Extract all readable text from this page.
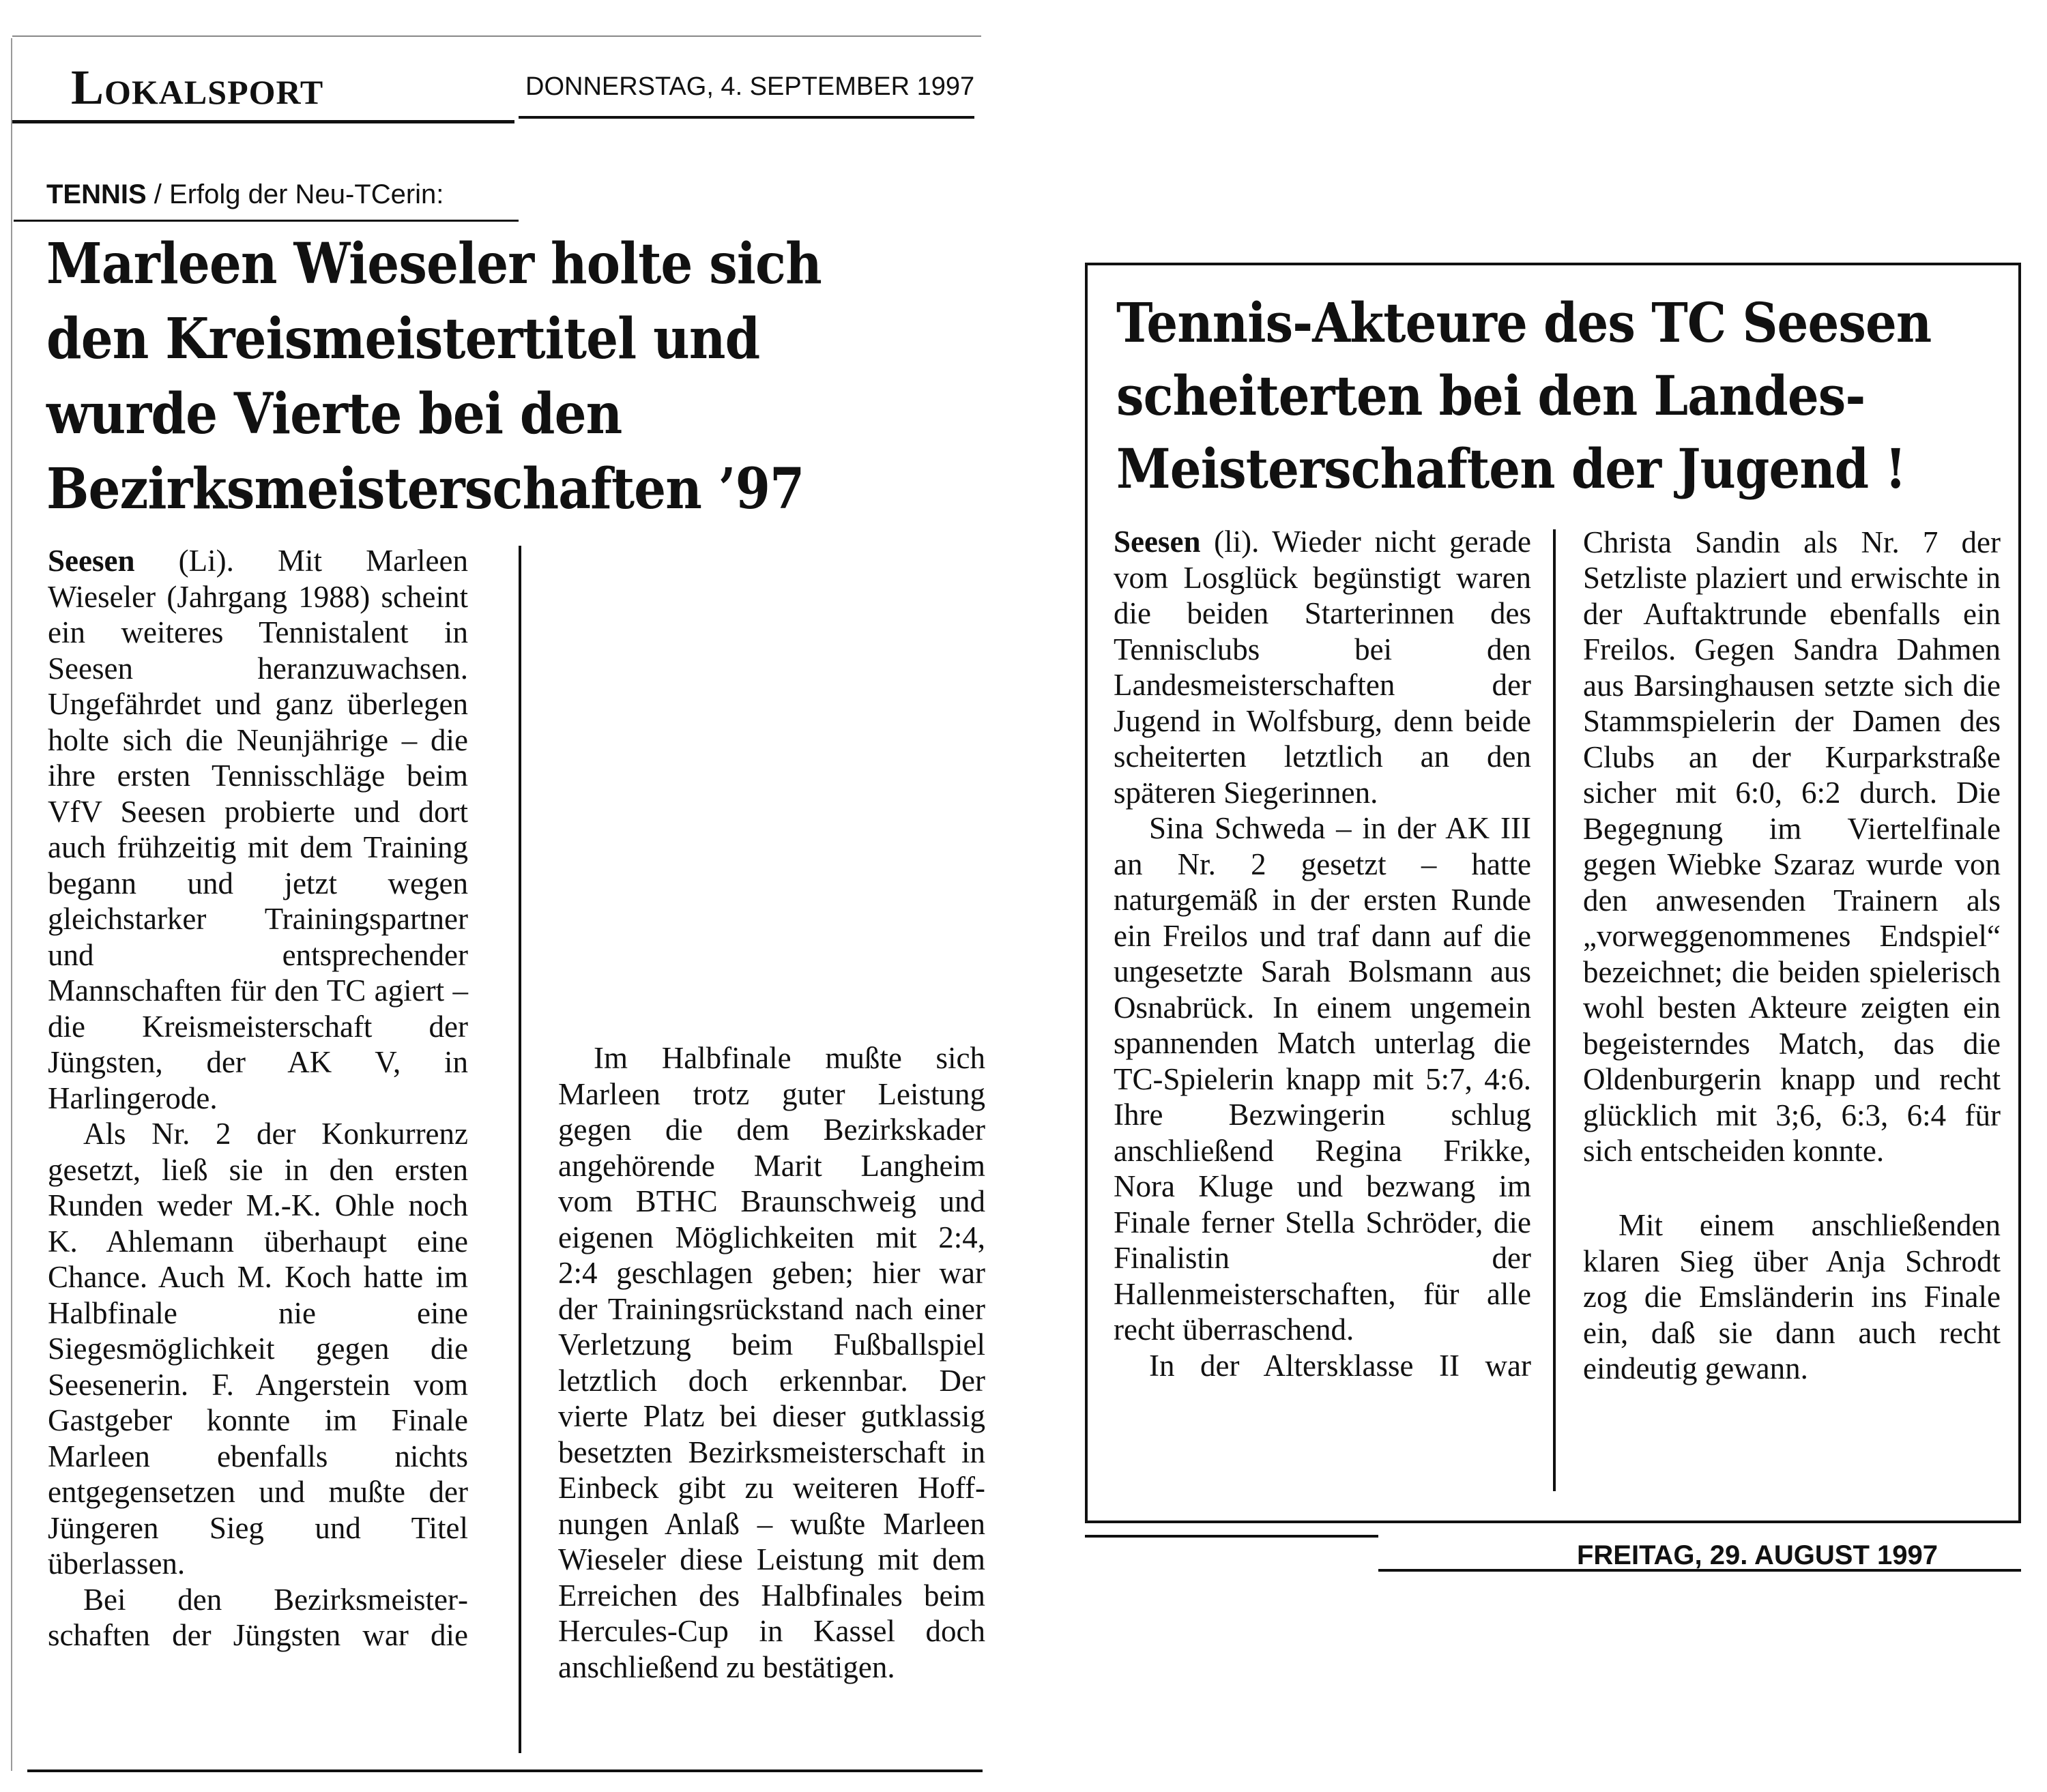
Lokalsport	DONNERSTAG, 4. SEPTEMBER 1997
TENNIS / Erfolg der Neu-TCerin:
Marleen Wieseler holte sich
den Kreismeistertitel und
wurde Vierte bei den
Bezirksmeisterschaften ’97

Seesen (Li). Mit Marleen Wieseler (Jahrgang 1988) scheint ein weiteres Tennistalent in Seesen heranzuwachsen. Ungefährdet und ganz überlegen holte sich die Neunjährige – die ihre ersten Tennisschläge beim VfV Seesen probierte und dort auch frühzeitig mit dem Training begann und jetzt wegen gleichstarker Trainingspartner und entsprechender Mannschaften für den TC agiert – die Kreismeisterschaft der Jüngsten, der AK V, in Harlingerode.

Als Nr. 2 der Konkurrenz gesetzt, ließ sie in den ersten Runden weder M.-K. Ohle noch K. Ahlemann überhaupt eine Chance. Auch M. Koch hatte im Halbfinale nie eine Siegesmöglichkeit gegen die Seesenerin. F. Angerstein vom Gastgeber konnte im Finale Marleen ebenfalls nichts entgegensetzen und mußte der Jüngeren Sieg und Titel überlassen.

Bei den Bezirksmeisterschaften der Jüngsten war die

Im Halbfinale mußte sich Marleen trotz guter Leistung gegen die dem Bezirkskader angehörende Marit Langheim vom BTHC Braunschweig und eigenen Möglichkeiten mit 2:4, 2:4 geschlagen geben; hier war der Trainingsrückstand nach einer Verletzung beim Fußballspiel letztlich doch erkennbar. Der vierte Platz bei dieser gutklassig besetzten Bezirksmeisterschaft in Einbeck gibt zu weiteren Hoffnungen Anlaß – wußte Marleen Wieseler diese Leistung mit dem Erreichen des Halbfinales beim Hercules-Cup in Kassel doch anschließend zu bestätigen.

Tennis-Akteure des TC Seesen
scheiterten bei den Landes-
Meisterschaften der Jugend !

Seesen (li). Wieder nicht gerade vom Losglück begünstigt waren die beiden Starterinnen des Tennisclubs bei den Landesmeisterschaften der Jugend in Wolfsburg, denn beide scheiterten letztlich an den späteren Siegerinnen.

Sina Schweda – in der AK III an Nr. 2 gesetzt – hatte naturgemäß in der ersten Runde ein Freilos und traf dann auf die ungesetzte Sarah Bolsmann aus Osnabrück. In einem ungemein spannenden Match unterlag die TC-Spielerin knapp mit 5:7, 4:6. Ihre Bezwingerin schlug anschließend Regina Frikke, Nora Kluge und bezwang im Finale ferner Stella Schröder, die Finalistin der Hallenmeisterschaften, für alle recht überraschend.

In der Altersklasse II war

Christa Sandin als Nr. 7 der Setzliste plaziert und erwischte in der Auftaktrunde ebenfalls ein Freilos. Gegen Sandra Dahmen aus Barsinghausen setzte sich die Stammspielerin der Damen des Clubs an der Kurparkstraße sicher mit 6:0, 6:2 durch. Die Begegnung im Viertelfinale gegen Wiebke Szaraz wurde von den anwesenden Trainern als „vorweggenommenes Endspiel“ bezeichnet; die beiden spielerisch wohl besten Akteure zeigten ein begeisterndes Match, das die Oldenburgerin knapp und recht glücklich mit 3;6, 6:3, 6:4 für sich entscheiden konnte.

Mit einem anschließenden klaren Sieg über Anja Schrodt zog die Emsländerin ins Finale ein, daß sie dann auch recht eindeutig gewann.

FREITAG, 29. AUGUST 1997
